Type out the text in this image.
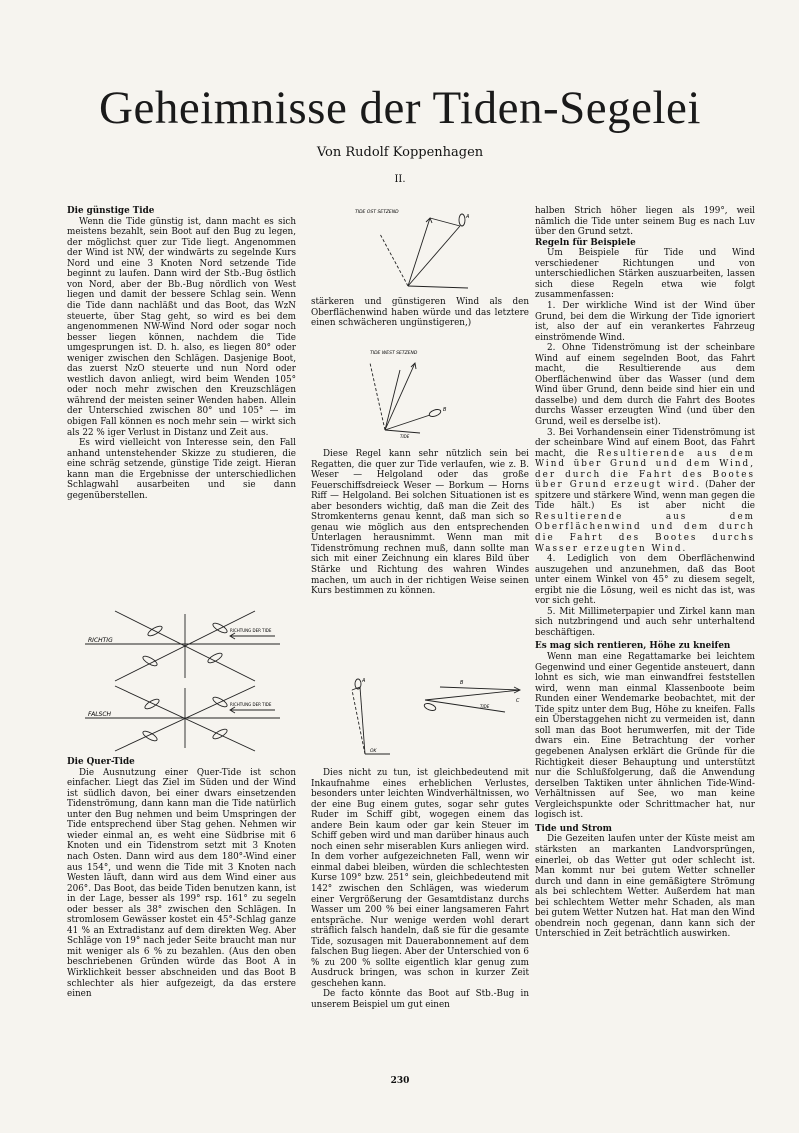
Geheimnisse der Tiden-Segelei
Von Rudolf Koppenhagen
II.
Die günstige Tide

Wenn die Tide günstig ist, dann macht es sich meistens bezahlt, sein Boot auf den Bug zu legen, der möglichst quer zur Tide liegt. Angenommen der Wind ist NW, der windwärts zu segelnde Kurs Nord und eine 3 Knoten Nord setzende Tide beginnt zu laufen. Dann wird der Stb.-Bug östlich von Nord, aber der Bb.-Bug nördlich von West liegen und damit der bessere Schlag sein. Wenn die Tide dann nachläßt und das Boot, das WzN steuerte, über Stag geht, so wird es bei dem angenommenen NW-Wind Nord oder sogar noch besser liegen können, nachdem die Tide umgesprungen ist. D. h. also, es liegen 80° oder weniger zwischen den Schlägen. Dasjenige Boot, das zuerst NzO steuerte und nun Nord oder westlich davon anliegt, wird beim Wenden 105° oder noch mehr zwischen den Kreuzschlägen während der meisten seiner Wenden haben. Allein der Unterschied zwischen 80° und 105° — im obigen Fall können es noch mehr sein — wirkt sich als 22 % iger Verlust in Distanz und Zeit aus.

Es wird vielleicht von Interesse sein, den Fall anhand untenstehender Skizze zu studieren, die eine schräg setzende, günstige Tide zeigt. Hieran kann man die Ergebnisse der unterschiedlichen Schlagwahl ausarbeiten und sie dann gegenüberstellen.

RICHTIG
FALSCH
RICHTUNG DER TIDE
RICHTUNG DER TIDE
Die Quer-Tide

Die Ausnutzung einer Quer-Tide ist schon einfacher. Liegt das Ziel im Süden und der Wind ist südlich davon, bei einer dwars einsetzenden Tidenströmung, dann kann man die Tide natürlich unter den Bug nehmen und beim Umspringen der Tide entsprechend über Stag gehen. Nehmen wir wieder einmal an, es weht eine Südbrise mit 6 Knoten und ein Tidenstrom setzt mit 3 Knoten nach Osten. Dann wird aus dem 180°-Wind einer aus 154°, und wenn die Tide mit 3 Knoten nach Westen läuft, dann wird aus dem Wind einer aus 206°. Das Boot, das beide Tiden benutzen kann, ist in der Lage, besser als 199° rsp. 161° zu segeln oder besser als 38° zwischen den Schlägen. In stromlosem Gewässer kostet ein 45°-Schlag ganze 41 % an Extradistanz auf dem direkten Weg. Aber Schläge von 19° nach jeder Seite braucht man nur mit weniger als 6 % zu bezahlen. (Aus den oben beschriebenen Gründen würde das Boot A in Wirklichkeit besser abschneiden und das Boot B schlechter als hier aufgezeigt, da das erstere einen

TIDE OST SETZEND
A

stärkeren und günstigeren Wind als den Oberflächenwind haben würde und das letztere einen schwächeren ungünstigeren,)

TIDE WEST SETZEND
B
TIDE

Diese Regel kann sehr nützlich sein bei Regatten, die quer zur Tide verlaufen, wie z. B. Weser — Helgoland oder das große Feuerschiffsdreieck Weser — Borkum — Horns Riff — Helgoland. Bei solchen Situationen ist es aber besonders wichtig, daß man die Zeit des Stromkenterns genau kennt, daß man sich so genau wie möglich aus den entsprechenden Unterlagen herausnimmt. Wenn man mit Tidenströmung rechnen muß, dann sollte man sich mit einer Zeichnung ein klares Bild über Stärke und Richtung des wahren Windes machen, um auch in der richtigen Weise seinen Kurs bestimmen zu können.

A	B
C
OK
TIDE

Dies nicht zu tun, ist gleichbedeutend mit Inkaufnahme eines erheblichen Verlustes, besonders unter leichten Windverhältnissen, wo der eine Bug einem gutes, sogar sehr gutes Ruder im Schiff gibt, wogegen einem das andere Bein kaum oder gar kein Steuer im Schiff geben wird und man darüber hinaus auch noch einen sehr miserablen Kurs anliegen wird. In dem vorher aufgezeichneten Fall, wenn wir einmal dabei bleiben, würden die schlechtesten Kurse 109° bzw. 251° sein, gleichbedeutend mit 142° zwischen den Schlägen, was wiederum einer Vergrößerung der Gesamtdistanz durchs Wasser um 200 % bei einer langsameren Fahrt entspräche. Nur wenige werden wohl derart sträflich falsch handeln, daß sie für die gesamte Tide, sozusagen mit Dauerabonnement auf dem falschen Bug liegen. Aber der Unterschied von 6 % zu 200 % sollte eigentlich klar genug zum Ausdruck bringen, was schon in kurzer Zeit geschehen kann.

De facto könnte das Boot auf Stb.-Bug in unserem Beispiel um gut einen

halben Strich höher liegen als 199°, weil nämlich die Tide unter seinem Bug es nach Luv über den Grund setzt.

Regeln für Beispiele

Um Beispiele für Tide und Wind verschiedener Richtungen und von unterschiedlichen Stärken auszuarbeiten, lassen sich diese Regeln etwa wie folgt zusammenfassen:

1. Der wirkliche Wind ist der Wind über Grund, bei dem die Wirkung der Tide ignoriert ist, also der auf ein verankertes Fahrzeug einströmende Wind.

2. Ohne Tidenströmung ist der scheinbare Wind auf einem segelnden Boot, das Fahrt macht, die Resultierende aus dem Oberflächenwind über das Wasser (und dem Wind über Grund, denn beide sind hier ein und dasselbe) und dem durch die Fahrt des Bootes durchs Wasser erzeugten Wind (und über den Grund, weil es derselbe ist).

3. Bei Vorhandensein einer Tidenströmung ist der scheinbare Wind auf einem Boot, das Fahrt macht, die Resultierende aus dem Wind über Grund und dem Wind, der durch die Fahrt des Bootes über Grund erzeugt wird. (Daher der spitzere und stärkere Wind, wenn man gegen die Tide hält.) Es ist aber nicht die Resultierende aus dem Oberflächenwind und dem durch die Fahrt des Bootes durchs Wasser erzeugten Wind.

4. Lediglich von dem Oberflächenwind auszugehen und anzunehmen, daß das Boot unter einem Winkel von 45° zu diesem segelt, ergibt nie die Lösung, weil es nicht das ist, was vor sich geht.

5. Mit Millimeterpapier und Zirkel kann man sich nutzbringend und auch sehr unterhaltend beschäftigen.

Es mag sich rentieren, Höhe zu kneifen

Wenn man eine Regattamarke bei leichtem Gegenwind und einer Gegentide ansteuert, dann lohnt es sich, wie man einwandfrei feststellen wird, wenn man einmal Klassenboote beim Runden einer Wendemarke beobachtet, mit der Tide spitz unter dem Bug, Höhe zu kneifen. Falls ein Überstaggehen nicht zu vermeiden ist, dann soll man das Boot herumwerfen, mit der Tide dwars ein. Eine Betrachtung der vorher gegebenen Analysen erklärt die Gründe für die Richtigkeit dieser Behauptung und unterstützt nur die Schlußfolgerung, daß die Anwendung derselben Taktiken unter ähnlichen Tide-Wind-Verhältnissen auf See, wo man keine Vergleichspunkte oder Schrittmacher hat, nur logisch ist.

Tide und Strom

Die Gezeiten laufen unter der Küste meist am stärksten an markanten Landvorsprüngen, einerlei, ob das Wetter gut oder schlecht ist. Man kommt nur bei gutem Wetter schneller durch und dann in eine gemäßigtere Strömung als bei schlechtem Wetter. Außerdem hat man bei schlechtem Wetter mehr Schaden, als man bei gutem Wetter Nutzen hat. Hat man den Wind obendrein noch gegenan, dann kann sich der Unterschied in Zeit beträchtlich auswirken.

230
